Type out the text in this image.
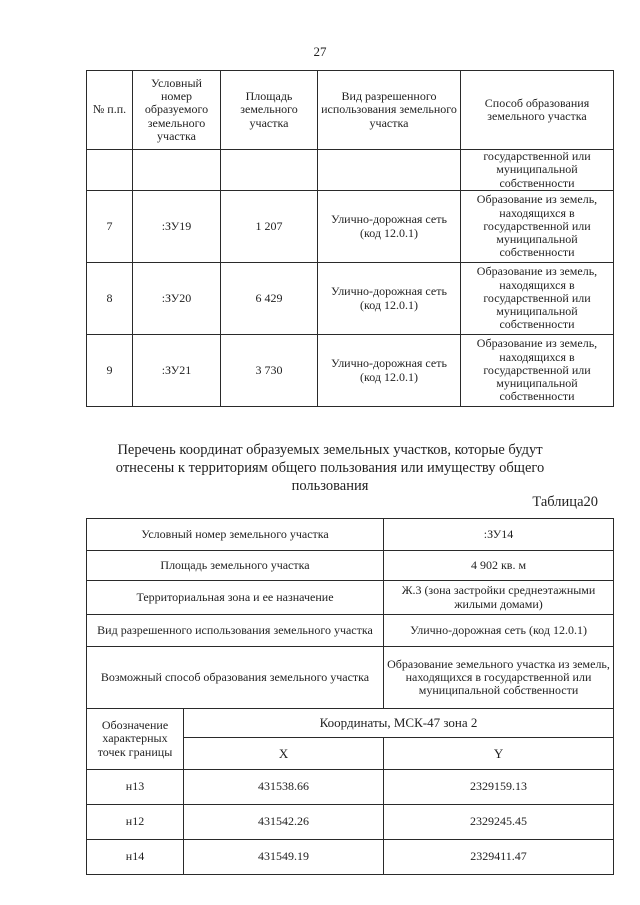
27
№ п.п.	Условный номер образуемого земельного участка	Площадь земельного участка	Вид разрешенного использования земельного участка	Способ образования земельного участка
				государственной или муниципальной собственности
7	:ЗУ19	1 207	Улично-дорожная сеть (код 12.0.1)	Образование из земель, находящихся в государственной или муниципальной собственности
8	:ЗУ20	6 429	Улично-дорожная сеть (код 12.0.1)	Образование из земель, находящихся в государственной или муниципальной собственности
9	:ЗУ21	3 730	Улично-дорожная сеть (код 12.0.1)	Образование из земель, находящихся в государственной или муниципальной собственности
Перечень координат образуемых земельных участков, которые будут отнесены к территориям общего пользования или имуществу общего пользования
Таблица20
Условный номер земельного участка		:ЗУ14
Площадь земельного участка		4 902 кв. м
Территориальная зона и ее назначение		Ж.3 (зона застройки среднеэтажными жилыми домами)
Вид разрешенного использования земельного участка		Улично-дорожная сеть (код 12.0.1)
Возможный способ образования земельного участка		Образование земельного участка из земель, находящихся в государственной или муниципальной собственности
Обозначение характерных точек границы	Координаты, МСК-47 зона 2	
	X	Y
н13	431538.66	2329159.13
н12	431542.26	2329245.45
н14	431549.19	2329411.47
